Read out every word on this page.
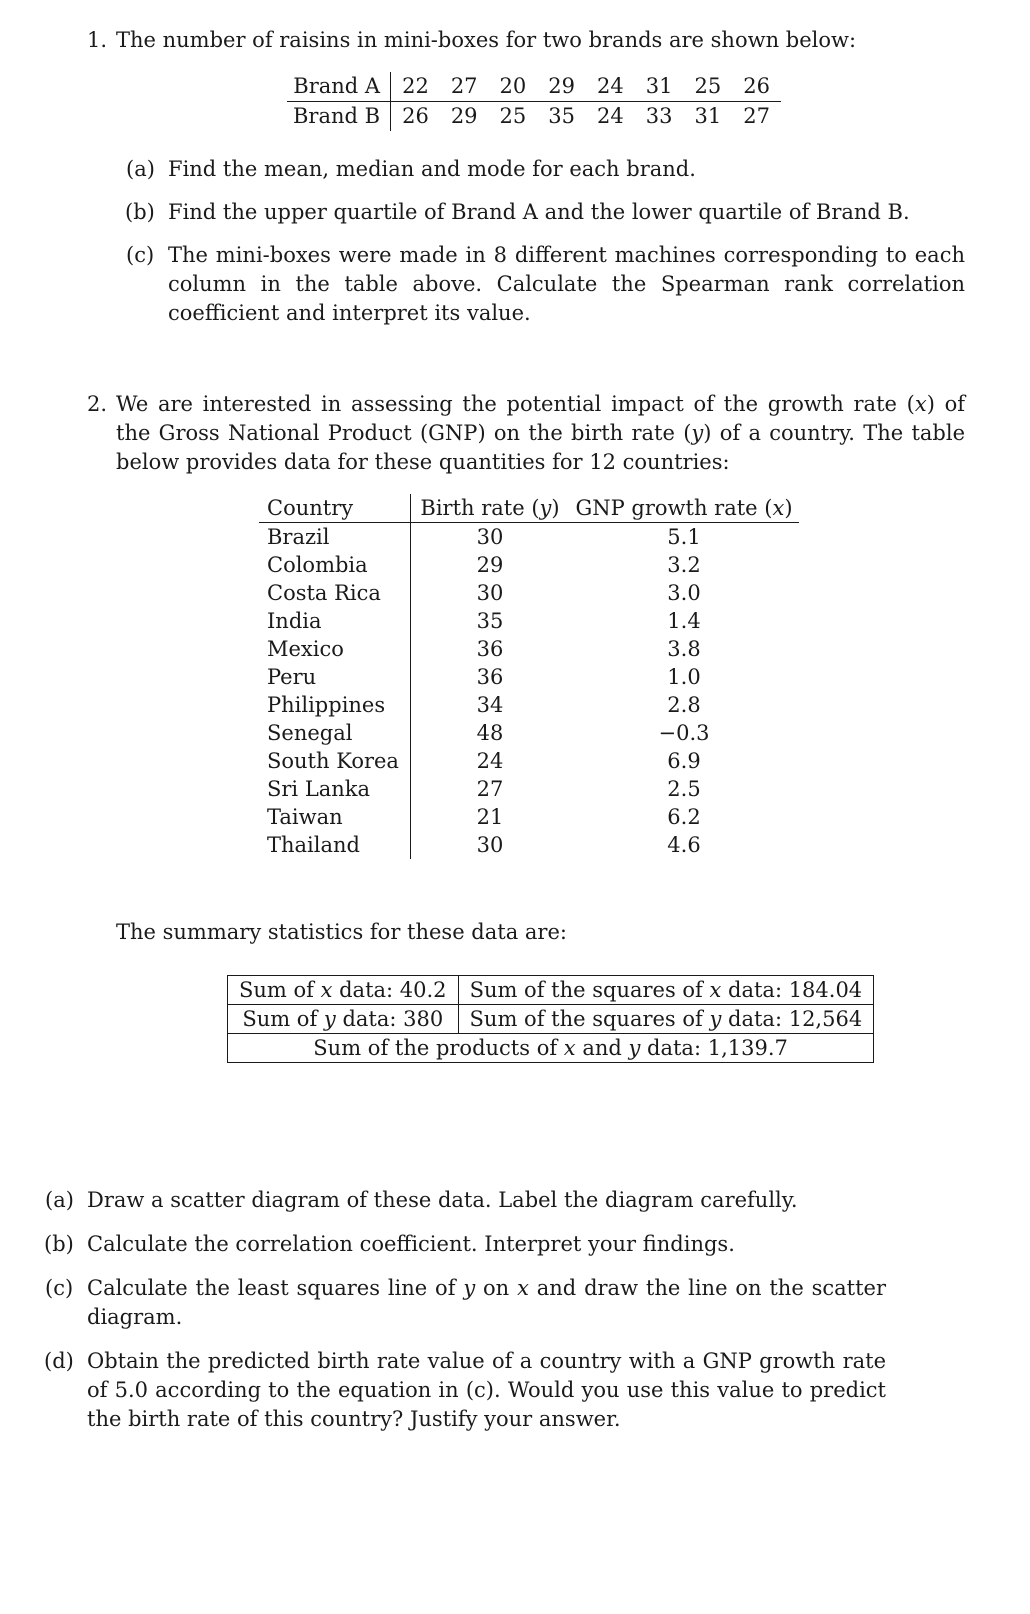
1. The number of raisins in mini-boxes for two brands are shown below:

Brand A	22	27	20	29	24	31	25	26
Brand B	26	29	25	35	24	33	31	27
(a) Find the mean, median and mode for each brand.

(b) Find the upper quartile of Brand A and the lower quartile of Brand B.

(c) The mini-boxes were made in 8 different machines corresponding to each column in the table above. Calculate the Spearman rank correlation coefficient and interpret its value.

2. We are interested in assessing the potential impact of the growth rate (x) of the Gross National Product (GNP) on the birth rate (y) of a country. The table below provides data for these quantities for 12 countries:

Country	Birth rate (y)	GNP growth rate (x)
Brazil	30	5.1
Colombia	29	3.2
Costa Rica	30	3.0
India	35	1.4
Mexico	36	3.8
Peru	36	1.0
Philippines	34	2.8
Senegal	48	−0.3
South Korea	24	6.9
Sri Lanka	27	2.5
Taiwan	21	6.2
Thailand	30	4.6

The summary statistics for these data are:

Sum of x data: 40.2	Sum of the squares of x data: 184.04
Sum of y data: 380	Sum of the squares of y data: 12,564
Sum of the products of x and y data: 1,139.7	
(a) Draw a scatter diagram of these data. Label the diagram carefully.

(b) Calculate the correlation coefficient. Interpret your findings.

(c) Calculate the least squares line of y on x and draw the line on the scatter diagram.

(d) Obtain the predicted birth rate value of a country with a GNP growth rate of 5.0 according to the equation in (c). Would you use this value to predict the birth rate of this country? Justify your answer.
